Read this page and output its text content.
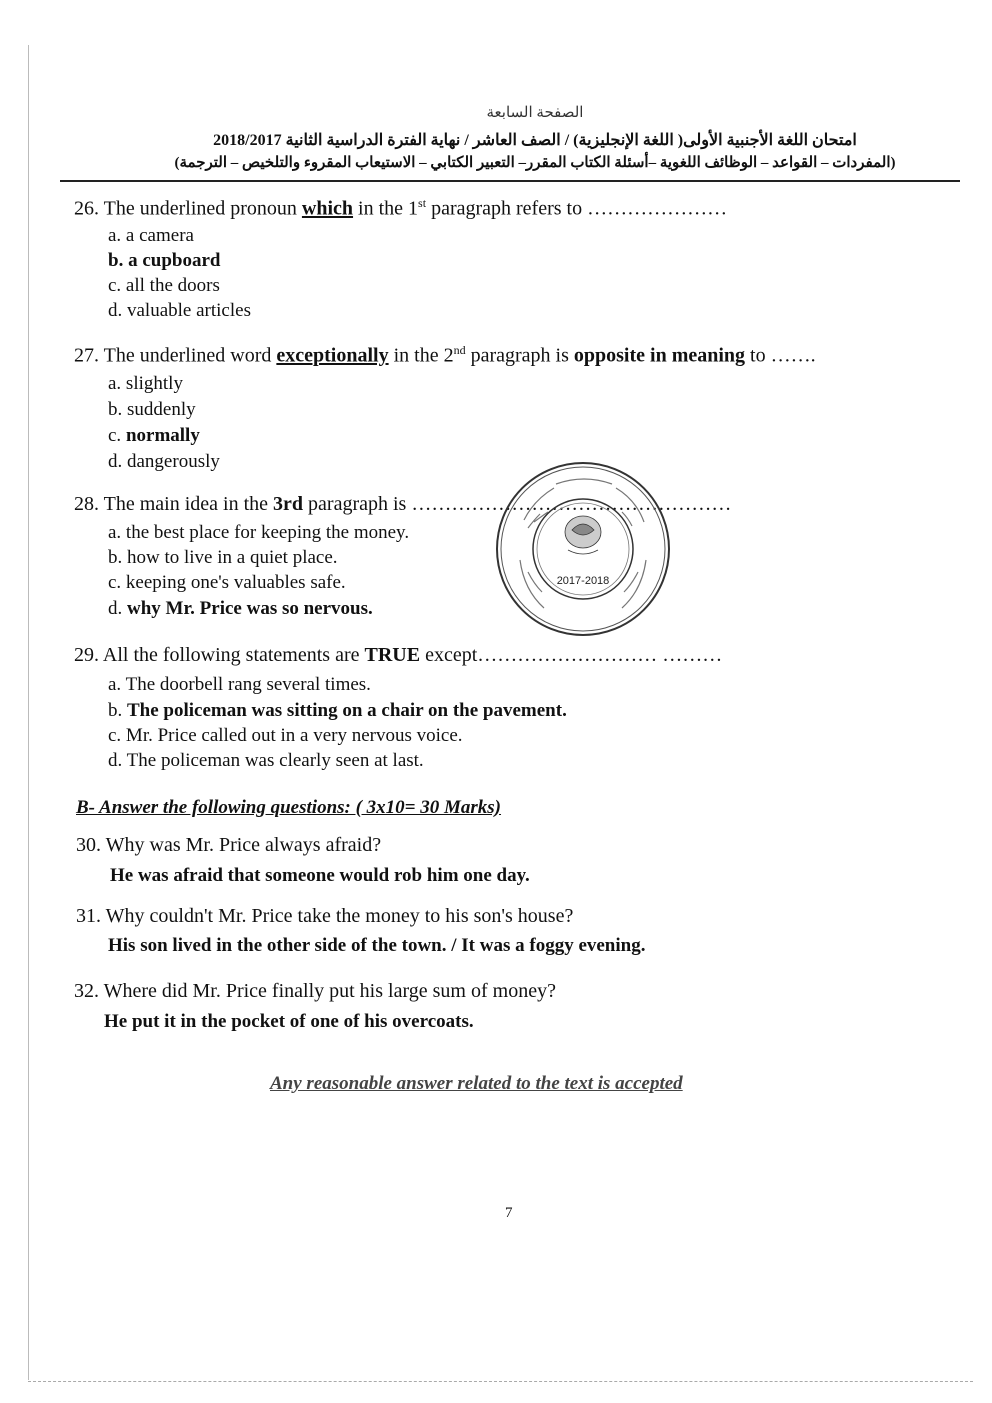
الصفحة السابعة
امتحان اللغة الأجنبية الأولى( اللغة الإنجليزية) / الصف العاشر / نهاية الفترة الدراسية الثانية 2018/2017
(المفردات – القواعد – الوظائف اللغوية –أسئلة الكتاب المقرر– التعبير الكتابي – الاستيعاب المقروء والتلخيص – الترجمة)
26. The underlined pronoun which in the 1st paragraph refers to …………………
a. a camera
b. a cupboard
c. all the doors
d. valuable articles
27. The underlined word exceptionally in the 2nd paragraph is opposite in meaning to …….
a. slightly
b. suddenly
c. normally
d. dangerously
28. The main idea in the 3rd paragraph is …………………………………………
a. the best place for keeping the money.
b. how to live in a quiet place.
c. keeping one's valuables safe.
d. why Mr. Price was so nervous.
2017-2018
29. All the following statements are TRUE except……………………… ………
a. The doorbell rang several times.
b. The policeman was sitting on a chair on the pavement.
c. Mr. Price called out in a very nervous voice.
d. The policeman was clearly seen at last.
B- Answer the following questions: ( 3x10= 30 Marks)
30. Why was Mr. Price always afraid?
He was afraid that someone would rob him one day.
31. Why couldn't Mr. Price take the money to his son's house?
His son lived in the other side of the town. / It was a foggy evening.
32. Where did Mr. Price finally put his large sum of money?
He put it in the pocket of one of his overcoats.
Any reasonable answer related to the text is accepted
7
